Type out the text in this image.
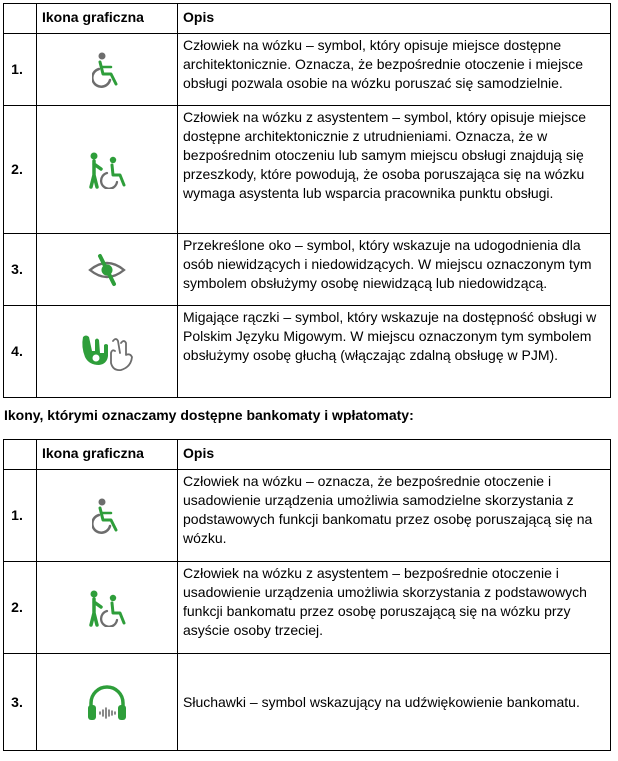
	Ikona graficzna	Opis
1.		Człowiek na wózku – symbol, który opisuje miejsce dostępne architektonicznie. Oznacza, że bezpośrednie otoczenie i miejsce obsługi pozwala osobie na wózku poruszać się samodzielnie.
2.		Człowiek na wózku z asystentem – symbol, który opisuje miejsce dostępne architektonicznie z utrudnieniami. Oznacza, że w bezpośrednim otoczeniu lub samym miejscu obsługi znajdują się przeszkody, które powodują, że osoba poruszająca się na wózku wymaga asystenta lub wsparcia pracownika punktu obsługi.
3.		Przekreślone oko – symbol, który wskazuje na udogodnienia dla osób niewidzących i niedowidzących. W miejscu oznaczonym tym symbolem obsłużymy osobę niewidzącą lub niedowidzącą.
4.		Migające rączki – symbol, który wskazuje na dostępność obsługi w Polskim Języku Migowym. W miejscu oznaczonym tym symbolem obsłużymy osobę głuchą (włączając zdalną obsługę w PJM).
Ikony, którymi oznaczamy dostępne bankomaty i wpłatomaty:
	Ikona graficzna	Opis
1.		Człowiek na wózku – oznacza, że bezpośrednie otoczenie i usadowienie urządzenia umożliwia samodzielne skorzystania z podstawowych funkcji bankomatu przez osobę poruszającą się na wózku.
2.		Człowiek na wózku z asystentem – bezpośrednie otoczenie i usadowienie urządzenia umożliwia skorzystania z podstawowych funkcji bankomatu przez osobę poruszającą się na wózku przy asyście osoby trzeciej.
3.		Słuchawki – symbol wskazujący na udźwiękowienie bankomatu.
